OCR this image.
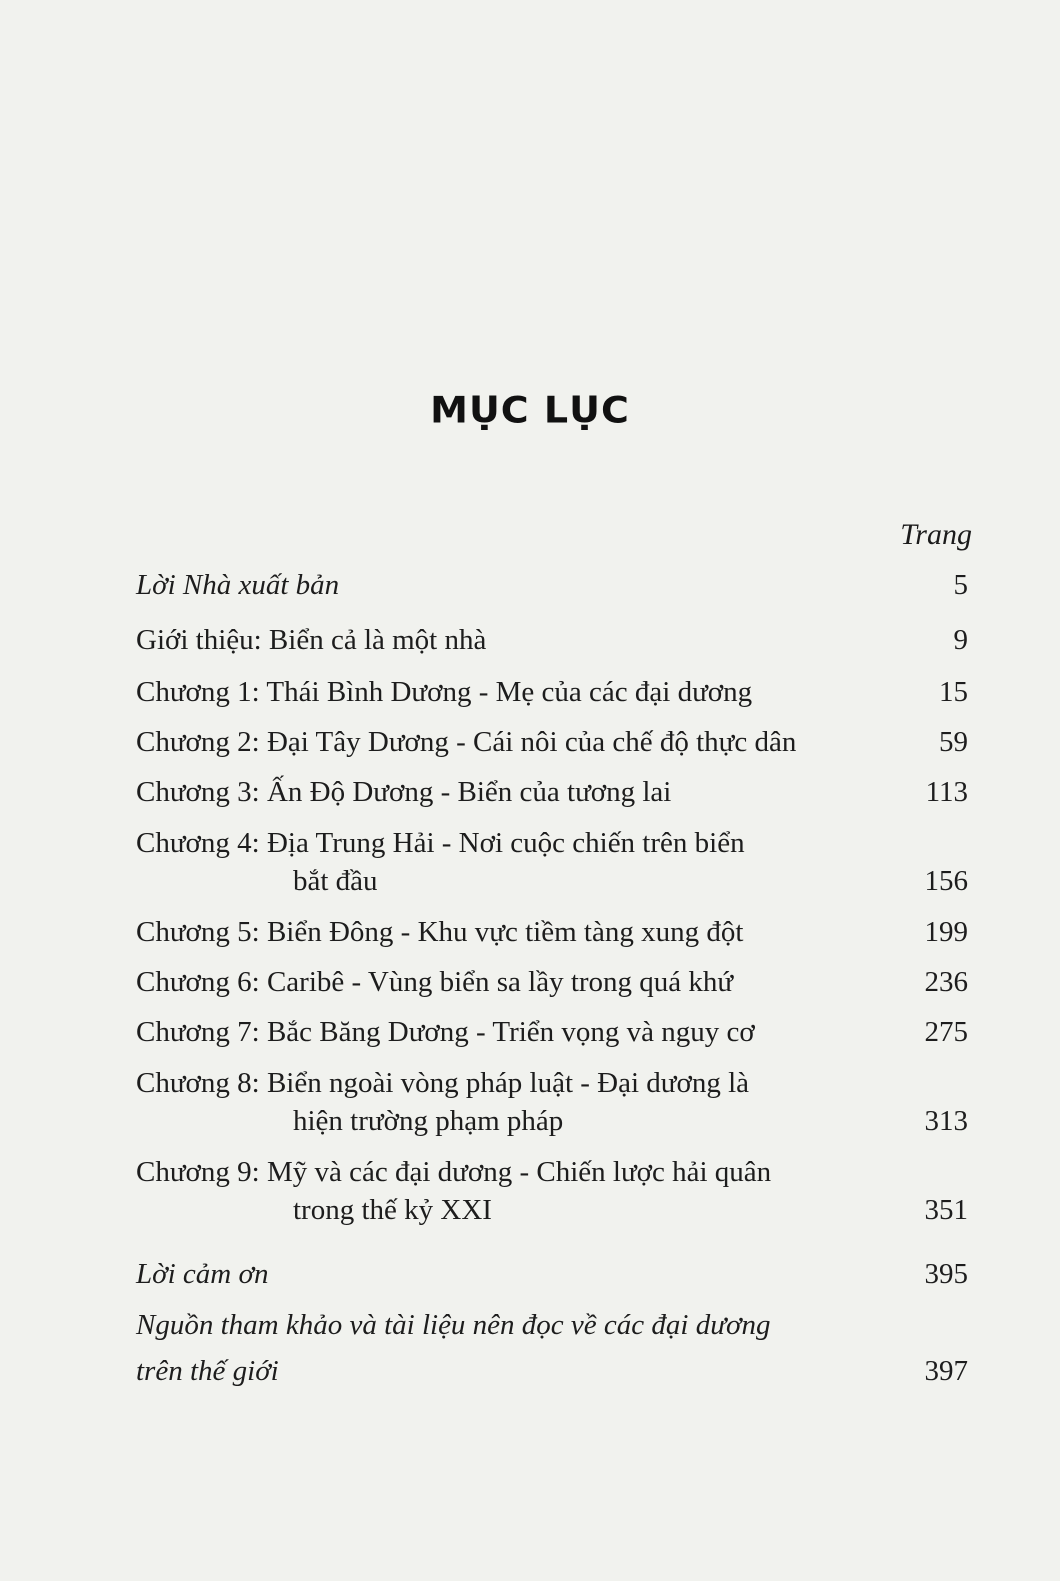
MỤC LỤC
Trang
Lời Nhà xuất bản	5
Giới thiệu: Biển cả là một nhà	9
Chương 1: Thái Bình Dương - Mẹ của các đại dương	15
Chương 2: Đại Tây Dương - Cái nôi của chế độ thực dân	59
Chương 3: Ấn Độ Dương - Biển của tương lai	113
Chương 4: Địa Trung Hải - Nơi cuộc chiến trên biển
bắt đầu	156
Chương 5: Biển Đông - Khu vực tiềm tàng xung đột	199
Chương 6: Caribê - Vùng biển sa lầy trong quá khứ	236
Chương 7: Bắc Băng Dương - Triển vọng và nguy cơ	275
Chương 8: Biển ngoài vòng pháp luật - Đại dương là
hiện trường phạm pháp	313
Chương 9: Mỹ và các đại dương - Chiến lược hải quân
trong thế kỷ XXI	351
Lời cảm ơn	395
Nguồn tham khảo và tài liệu nên đọc về các đại dương
trên thế giới	397
